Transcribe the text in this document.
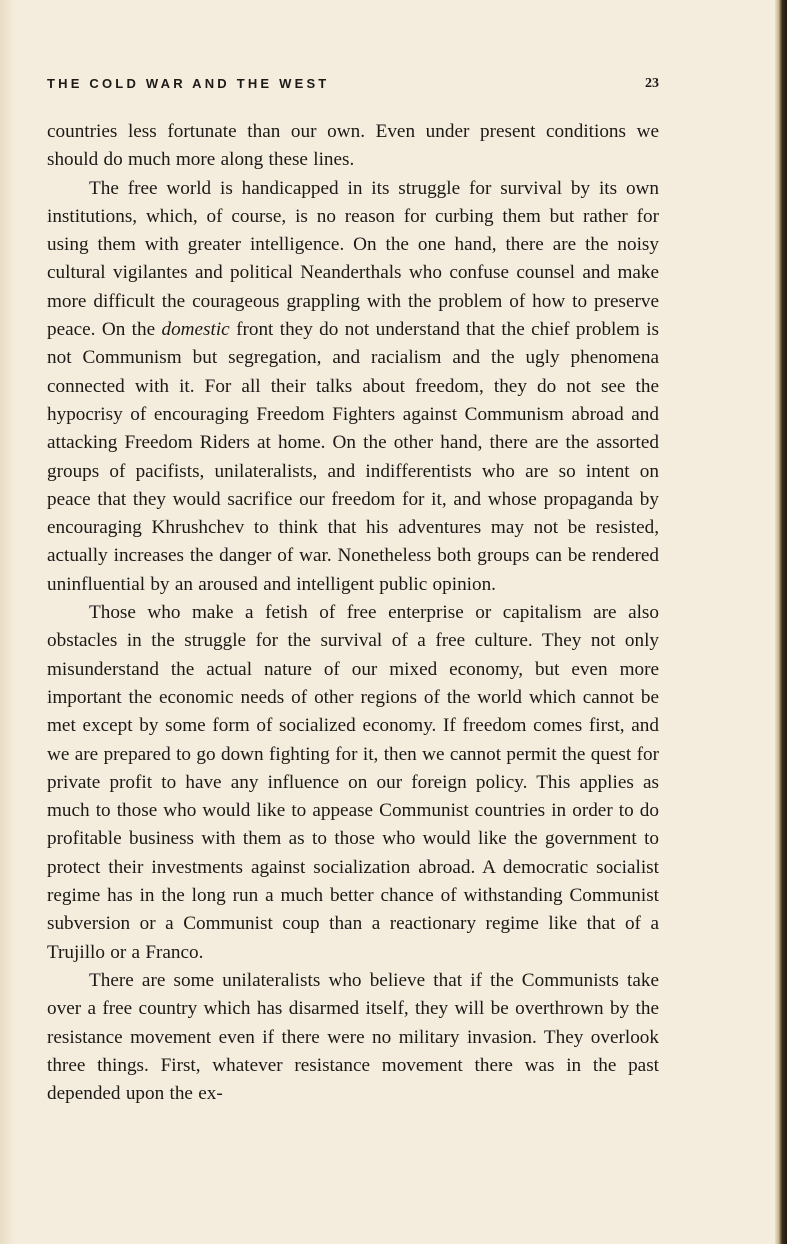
THE COLD WAR AND THE WEST	23

countries less fortunate than our own. Even under present conditions we should do much more along these lines.

The free world is handicapped in its struggle for survival by its own institutions, which, of course, is no reason for curbing them but rather for using them with greater intelligence. On the one hand, there are the noisy cultural vigilantes and political Neanderthals who confuse counsel and make more difficult the courageous grappling with the problem of how to preserve peace. On the domestic front they do not understand that the chief problem is not Communism but segregation, and racialism and the ugly phenomena connected with it. For all their talks about freedom, they do not see the hypocrisy of encouraging Freedom Fighters against Communism abroad and attacking Freedom Riders at home. On the other hand, there are the assorted groups of pacifists, unilateralists, and indifferentists who are so intent on peace that they would sacrifice our freedom for it, and whose propaganda by encouraging Khrushchev to think that his adventures may not be resisted, actually increases the danger of war. Nonetheless both groups can be rendered uninfluential by an aroused and intelligent public opinion.

Those who make a fetish of free enterprise or capitalism are also obstacles in the struggle for the survival of a free culture. They not only misunderstand the actual nature of our mixed economy, but even more important the economic needs of other regions of the world which cannot be met except by some form of socialized economy. If freedom comes first, and we are prepared to go down fighting for it, then we cannot permit the quest for private profit to have any influence on our foreign policy. This applies as much to those who would like to appease Communist countries in order to do profitable business with them as to those who would like the government to protect their investments against socialization abroad. A democratic socialist regime has in the long run a much better chance of withstanding Communist subversion or a Communist coup than a reactionary regime like that of a Trujillo or a Franco.

There are some unilateralists who believe that if the Communists take over a free country which has disarmed itself, they will be overthrown by the resistance movement even if there were no military invasion. They overlook three things. First, whatever resistance movement there was in the past depended upon the ex-
